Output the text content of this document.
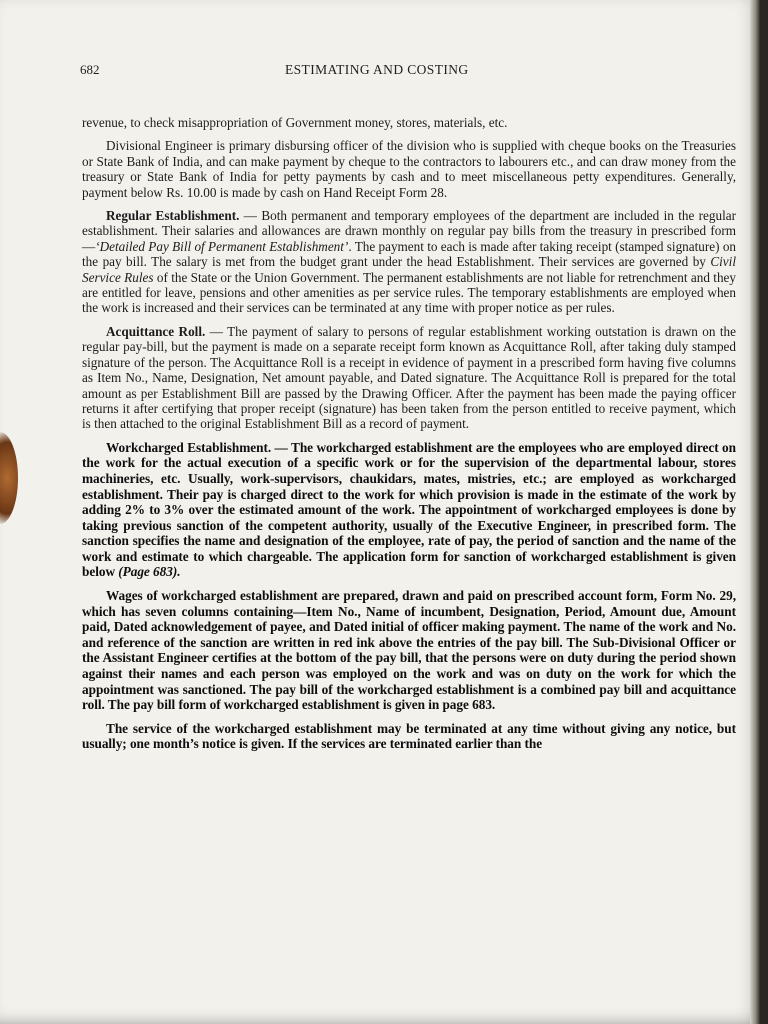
682	ESTIMATING AND COSTING

revenue, to check misappropriation of Government money, stores, materials, etc.

Divisional Engineer is primary disbursing officer of the division who is supplied with cheque books on the Treasuries or State Bank of India, and can make payment by cheque to the contractors to labourers etc., and can draw money from the treasury or State Bank of India for petty payments by cash and to meet miscellaneous petty expenditures. Generally, payment below Rs. 10.00 is made by cash on Hand Receipt Form 28.

Regular Establishment. — Both permanent and temporary employees of the department are included in the regular establishment. Their salaries and allowances are drawn monthly on regular pay bills from the treasury in prescribed form—‘Detailed Pay Bill of Permanent Establishment’. The payment to each is made after taking receipt (stamped signature) on the pay bill. The salary is met from the budget grant under the head Establishment. Their services are governed by Civil Service Rules of the State or the Union Government. The permanent establishments are not liable for retrenchment and they are entitled for leave, pensions and other amenities as per service rules. The temporary establishments are employed when the work is increased and their services can be terminated at any time with proper notice as per rules.

Acquittance Roll. — The payment of salary to persons of regular establishment working outstation is drawn on the regular pay-bill, but the payment is made on a separate receipt form known as Acquittance Roll, after taking duly stamped signature of the person. The Acquittance Roll is a receipt in evidence of payment in a prescribed form having five columns as Item No., Name, Designation, Net amount payable, and Dated signature. The Acquittance Roll is prepared for the total amount as per Establishment Bill are passed by the Drawing Officer. After the payment has been made the paying officer returns it after certifying that proper receipt (signature) has been taken from the person entitled to receive payment, which is then attached to the original Establishment Bill as a record of payment.

Workcharged Establishment. — The workcharged establishment are the employees who are employed direct on the work for the actual execution of a specific work or for the supervision of the departmental labour, stores machineries, etc. Usually, work-supervisors, chaukidars, mates, mistries, etc.; are employed as workcharged establishment. Their pay is charged direct to the work for which provision is made in the estimate of the work by adding 2% to 3% over the estimated amount of the work. The appointment of workcharged employees is done by taking previous sanction of the competent authority, usually of the Executive Engineer, in prescribed form. The sanction specifies the name and designation of the employee, rate of pay, the period of sanction and the name of the work and estimate to which chargeable. The application form for sanction of workcharged establishment is given below (Page 683).

Wages of workcharged establishment are prepared, drawn and paid on prescribed account form, Form No. 29, which has seven columns containing—Item No., Name of incumbent, Designation, Period, Amount due, Amount paid, Dated acknowledgement of payee, and Dated initial of officer making payment. The name of the work and No. and reference of the sanction are written in red ink above the entries of the pay bill. The Sub-Divisional Officer or the Assistant Engineer certifies at the bottom of the pay bill, that the persons were on duty during the period shown against their names and each person was employed on the work and was on duty on the work for which the appointment was sanctioned. The pay bill of the workcharged establishment is a combined pay bill and acquittance roll. The pay bill form of workcharged establishment is given in page 683.

The service of the workcharged establishment may be terminated at any time without giving any notice, but usually; one month’s notice is given. If the services are terminated earlier than the
